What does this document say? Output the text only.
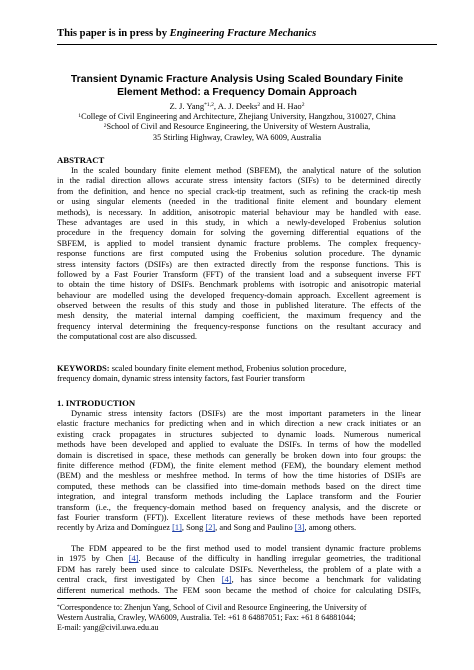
This paper is in press by Engineering Fracture Mechanics
Transient Dynamic Fracture Analysis Using Scaled Boundary Finite
Element Method: a Frequency Domain Approach
Z. J. Yang$^{*1,2}$, A. J. Deeks$^2$ and H. Hao$^2$
$^1$College of Civil Engineering and Architecture, Zhejiang University, Hangzhou, 310027, China
$^2$School of Civil and Resource Engineering, the University of Western Australia,
35 Stirling Highway, Crawley, WA 6009, Australia
ABSTRACT
In the scaled boundary finite element method (SBFEM), the analytical nature of the solution
in the radial direction allows accurate stress intensity factors (SIFs) to be determined directly
from the definition, and hence no special crack-tip treatment, such as refining the crack-tip mesh
or using singular elements (needed in the traditional finite element and boundary element
methods), is necessary. In addition, anisotropic material behaviour may be handled with ease.
These advantages are used in this study, in which a newly-developed Frobenius solution
procedure in the frequency domain for solving the governing differential equations of the
SBFEM, is applied to model transient dynamic fracture problems. The complex frequency-
response functions are first computed using the Frobenius solution procedure. The dynamic
stress intensity factors (DSIFs) are then extracted directly from the response functions. This is
followed by a Fast Fourier Transform (FFT) of the transient load and a subsequent inverse FFT
to obtain the time history of DSIFs. Benchmark problems with isotropic and anisotropic material
behaviour are modelled using the developed frequency-domain approach. Excellent agreement is
observed between the results of this study and those in published literature. The effects of the
mesh density, the material internal damping coefficient, the maximum frequency and the
frequency interval determining the frequency-response functions on the resultant accuracy and
the computational cost are also discussed.
KEYWORDS: scaled boundary finite element method, Frobenius solution procedure,
frequency domain, dynamic stress intensity factors, fast Fourier transform
1. INTRODUCTION
Dynamic stress intensity factors (DSIFs) are the most important parameters in the linear
elastic fracture mechanics for predicting when and in which direction a new crack initiates or an
existing crack propagates in structures subjected to dynamic loads. Numerous numerical
methods have been developed and applied to evaluate the DSIFs. In terms of how the modelled
domain is discretised in space, these methods can generally be broken down into four groups: the
finite difference method (FDM), the finite element method (FEM), the boundary element method
(BEM) and the meshless or meshfree method. In terms of how the time histories of DSIFs are
computed, these methods can be classified into time-domain methods based on the direct time
integration, and integral transform methods including the Laplace transform and the Fourier
transform (i.e., the frequency-domain method based on frequency analysis, and the discrete or
fast Fourier transform (FFT)). Excellent literature reviews of these methods have been reported
recently by Ariza and Domínguez [1], Song [2], and Song and Paulino [3], among others.
The FDM appeared to be the first method used to model transient dynamic fracture problems
in 1975 by Chen [4]. Because of the difficulty in handling irregular geometries, the traditional
FDM has rarely been used since to calculate DSIFs. Nevertheless, the problem of a plate with a
central crack, first investigated by Chen [4], has since become a benchmark for validating
different numerical methods. The FEM soon became the method of choice for calculating DSIFs,
*Correspondence to: Zhenjun Yang, School of Civil and Resource Engineering, the University of
Western Australia, Crawley, WA6009, Australia. Tel: +61 8 64887051; Fax: +61 8 64881044;
E-mail: yang@civil.uwa.edu.au
